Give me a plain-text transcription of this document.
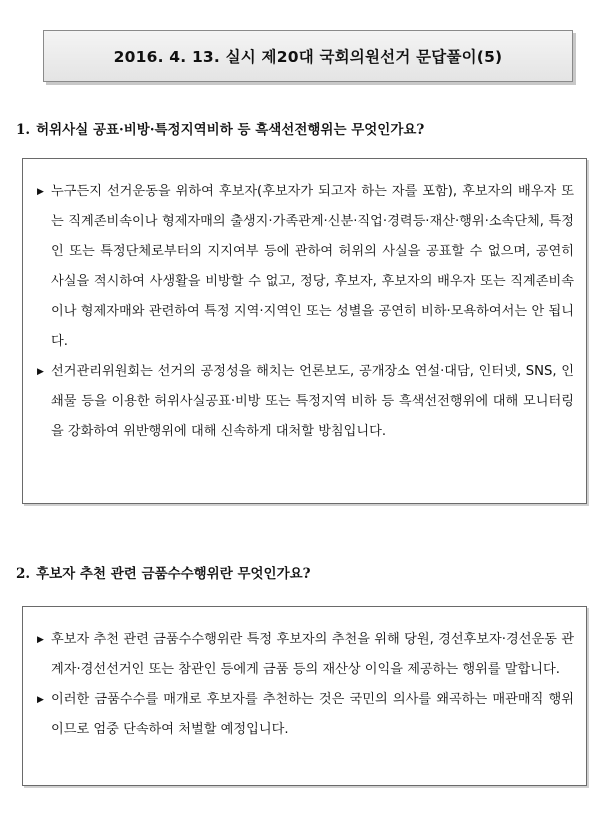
2016. 4. 13. 실시 제20대 국회의원선거 문답풀이(5)
1. 허위사실 공표·비방·특정지역비하 등 흑색선전행위는 무엇인가요?
▶ 누구든지 선거운동을 위하여 후보자(후보자가 되고자 하는 자를 포함), 후보자의 배우자 또는 직계존비속이나 형제자매의 출생지·가족관계·신분·직업·경력등·재산·행위·소속단체, 특정인 또는 특정단체로부터의 지지여부 등에 관하여 허위의 사실을 공표할 수 없으며, 공연히 사실을 적시하여 사생활을 비방할 수 없고, 정당, 후보자, 후보자의 배우자 또는 직계존비속이나 형제자매와 관련하여 특정 지역·지역인 또는 성별을 공연히 비하·모욕하여서는 안 됩니다.
▶ 선거관리위원회는 선거의 공정성을 해치는 언론보도, 공개장소 연설·대담, 인터넷, SNS, 인쇄물 등을 이용한 허위사실공표·비방 또는 특정지역 비하 등 흑색선전행위에 대해 모니터링을 강화하여 위반행위에 대해 신속하게 대처할 방침입니다.
2. 후보자 추천 관련 금품수수행위란 무엇인가요?
▶ 후보자 추천 관련 금품수수행위란 특정 후보자의 추천을 위해 당원, 경선후보자·경선운동 관계자·경선선거인 또는 참관인 등에게 금품 등의 재산상 이익을 제공하는 행위를 말합니다.
▶ 이러한 금품수수를 매개로 후보자를 추천하는 것은 국민의 의사를 왜곡하는 매관매직 행위이므로 엄중 단속하여 처벌할 예정입니다.
